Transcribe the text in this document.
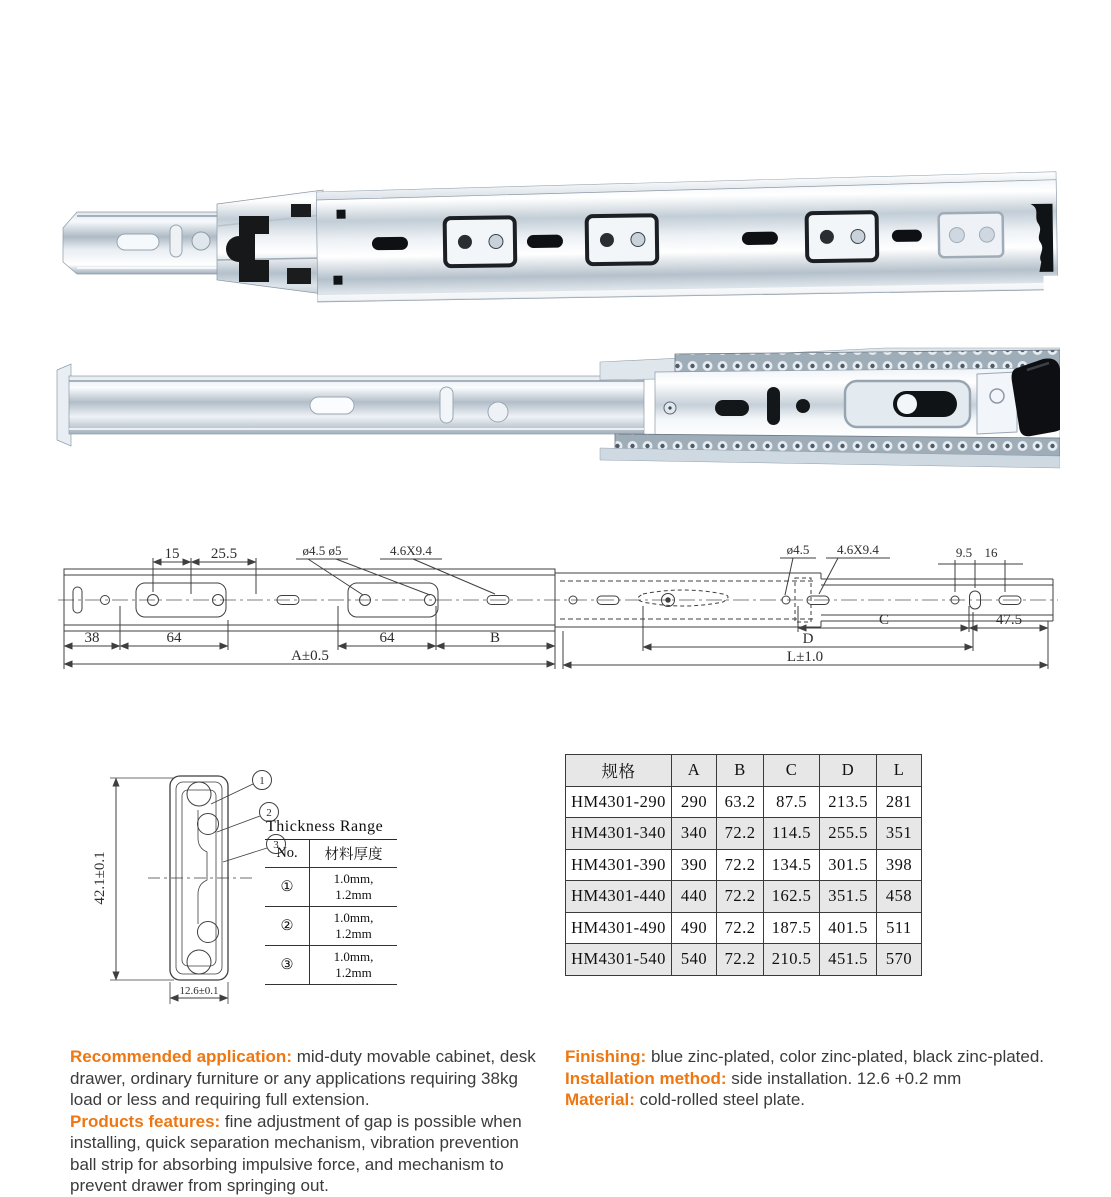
15 25.5	ø4.5 ø5	4.6X9.4	ø4.5 4.6X9.4	9.5 16
38	64	64	B
A±0.5
C	47.5
D
L±1.0
42.1±0.1
12.6±0.1
1
2
3
Thickness Range
No.	材料厚度
①	1.0mm, 1.2mm
②	1.0mm, 1.2mm
③	1.0mm, 1.2mm
规格	A	B	C	D	L
HM4301-290	290	63.2	87.5	213.5	281
HM4301-340	340	72.2	114.5	255.5	351
HM4301-390	390	72.2	134.5	301.5	398
HM4301-440	440	72.2	162.5	351.5	458
HM4301-490	490	72.2	187.5	401.5	511
HM4301-540	540	72.2	210.5	451.5	570

Recommended application: mid-duty movable cabinet, desk drawer, ordinary furniture or any applications requiring 38kg load or less and requiring full extension.

Products features: fine adjustment of gap is possible when installing, quick separation mechanism, vibration prevention ball strip for absorbing impulsive force, and mechanism to prevent drawer from springing out.

Finishing: blue zinc-plated, color zinc-plated, black zinc-plated.

Installation method: side installation. 12.6 +0.2 mm

Material: cold-rolled steel plate.
